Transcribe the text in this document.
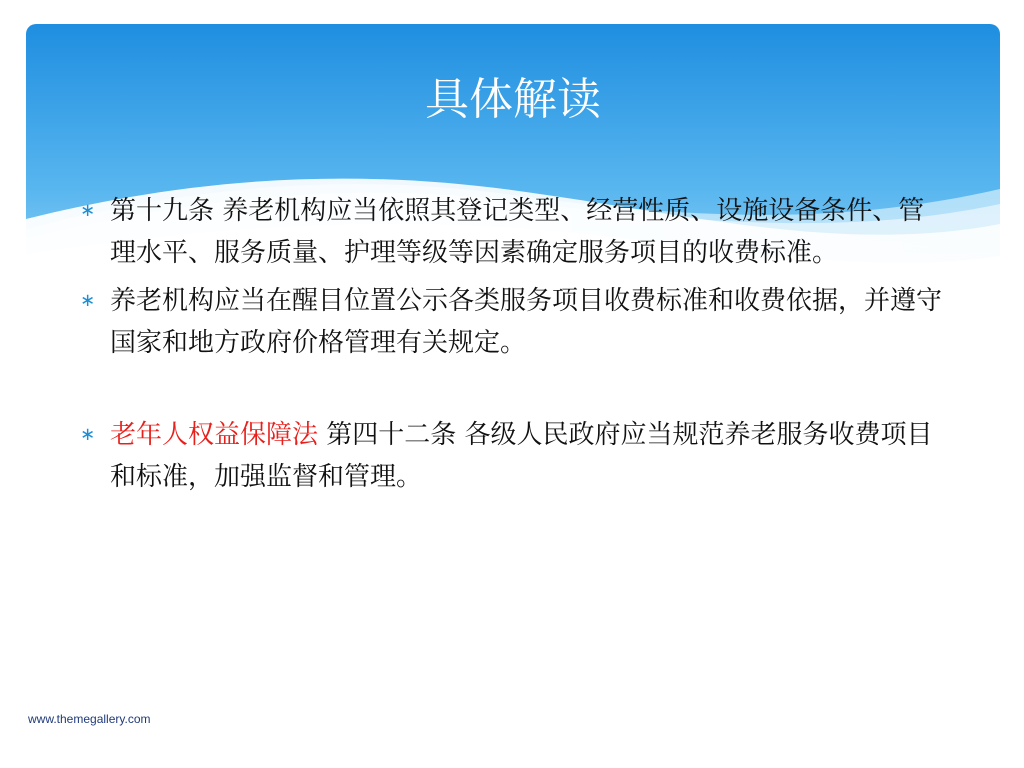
具体解读
∗ 第十九条 养老机构应当依照其登记类型、经营性质、设施设备条件、管理水平、服务质量、护理等级等因素确定服务项目的收费标准。
∗ 养老机构应当在醒目位置公示各类服务项目收费标准和收费依据，并遵守国家和地方政府价格管理有关规定。
∗ 老年人权益保障法 第四十二条 各级人民政府应当规范养老服务收费项目和标准，加强监督和管理。
www.themegallery.com
